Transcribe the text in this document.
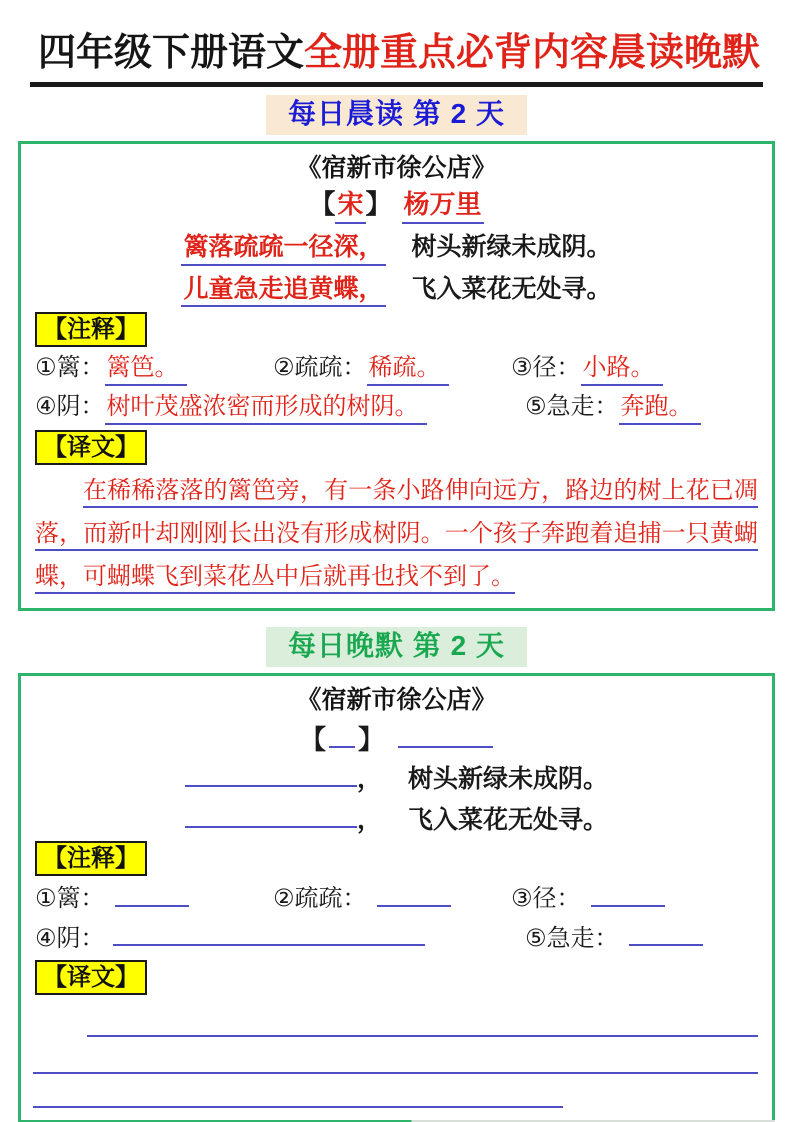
四年级下册语文全册重点必背内容晨读晚默
每日晨读 第 2 天
《宿新市徐公店》
【宋】 杨万里
篱落疏疏一径深， 树头新绿未成阴。
儿童急走追黄蝶， 飞入菜花无处寻。
【注释】
①篱：篱笆。	②疏疏：稀疏。	③径：小路。
④阴：树叶茂盛浓密而形成的树阴。	⑤急走：奔跑。
【译文】

在稀稀落落的篱笆旁，有一条小路伸向远方，路边的树上花已凋落，而新叶却刚刚长出没有形成树阴。一个孩子奔跑着追捕一只黄蝴蝶，可蝴蝶飞到菜花丛中后就再也找不到了。

每日晚默 第 2 天
《宿新市徐公店》
【 】
， 树头新绿未成阴。
， 飞入菜花无处寻。
【注释】
①篱：	②疏疏：	③径：
④阴：	⑤急走：
【译文】
